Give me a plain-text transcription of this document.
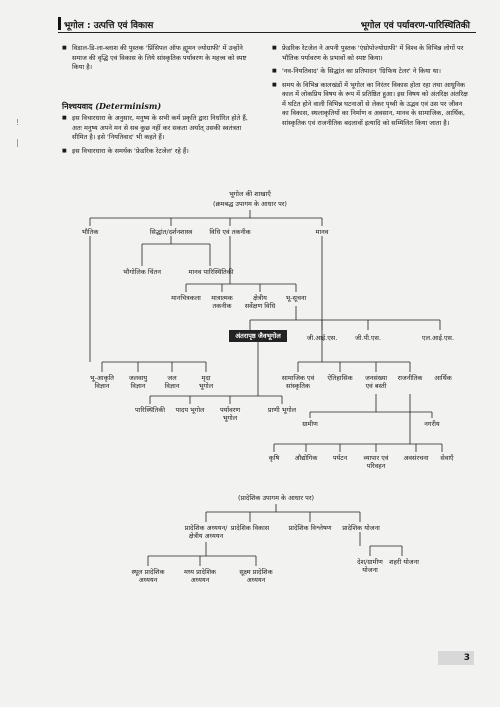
भूगोल : उत्पत्ति एवं विकास	भूगोल एवं पर्यावरण-पारिस्थितिकी
!
|

■ विडाल-डि-ला-ब्लाश की पुस्तक 'प्रिंसिपल ऑफ ह्यूमन ज्योग्राफी' में उन्होंने समाज की वृद्धि एवं विकास के लिये सांस्कृतिक पर्यावरण के महत्त्व को स्पष्ट किया है।

निश्चयवाद (Determinism)

■ इस विचारधारा के अनुसार, मनुष्य के सभी कर्म प्रकृति द्वारा निर्धारित होते हैं, अतः मनुष्य अपने मन से सब कुछ नहीं कर सकता अर्थात् उसकी स्वतंत्रता सीमित है। इसे 'नियतिवाद' भी कहते हैं।

■ इस विचारधारा के समर्थक 'फ्रेडरिक रेटजेल' रहे हैं।

■ फ्रेडरिक रेटजेल ने अपनी पुस्तक 'एंथ्रोपोज्योग्राफी' में विश्व के विभिन्न लोगों पर भौतिक पर्यावरण के प्रभावों को स्पष्ट किया।

■ 'नव-नियतिवाद' के सिद्धांत का प्रतिपादन 'ग्रिफिथ टेलर' ने किया था।

■ समय के विभिन्न कालखंडों में भूगोल का निरंतर विकास होता रहा तथा आधुनिक काल में लोकप्रिय विषय के रूप में प्रतिष्ठित हुआ। इस विषय को अंतरिक्ष अंतरिक्ष में घटित होने वाली विभिन्न घटनाओं से लेकर पृथ्वी के उद्भव एवं उस पर जीवन का विकास, स्थलाकृतियों का निर्माण व अवसान, मानव के सामाजिक, आर्थिक, सांस्कृतिक एवं राजनीतिक बदलावों इत्यादि को सम्मिलित किया जाता है।

भूगोल की शाखाएँ
(क्रमबद्ध उपागम के आधार पर)
भौतिक	सिद्धांत/दर्शनशास्त्र	विधि एवं तकनीक	मानव
भौगोलिक चिंतन	मानव पारिस्थितिकी
मानचित्रकला	मात्रात्मक
तकनीक
क्षेत्रीय
सर्वेक्षण विधि
भू-सूचना
अंतरापृष्ठ जैवभूगोल	जी.आई.एस.	जी.पी.एस.	एल.आई.एस.
भू-आकृति
विज्ञान
जलवायु
विज्ञान
जल
विज्ञान
मृदा
भूगोल
सामाजिक एवं
सांस्कृतिक
ऐतिहासिक	जनसंख्या
एवं बस्ती
राजनीतिक	आर्थिक
पारिस्थितिकी	पादप भूगोल	पर्यावरण
भूगोल
प्राणी भूगोल
ग्रामीण	नगरीय
कृषि	औद्योगिक	पर्यटन	व्यापार एवं
परिवहन
अवसंरचना	सेवाएँ
(प्रादेशिक उपागम के आधार पर)
प्रादेशिक अध्ययन/
क्षेत्रीय अध्ययन
प्रादेशिक विकास	प्रादेशिक विश्लेषण	प्रादेशिक योजना
स्थूल प्रादेशिक
अध्ययन
मध्य प्रादेशिक
अध्ययन
सूक्ष्म प्रादेशिक
अध्ययन
देश/ग्रामीण
योजना
शहरी योजना
3
